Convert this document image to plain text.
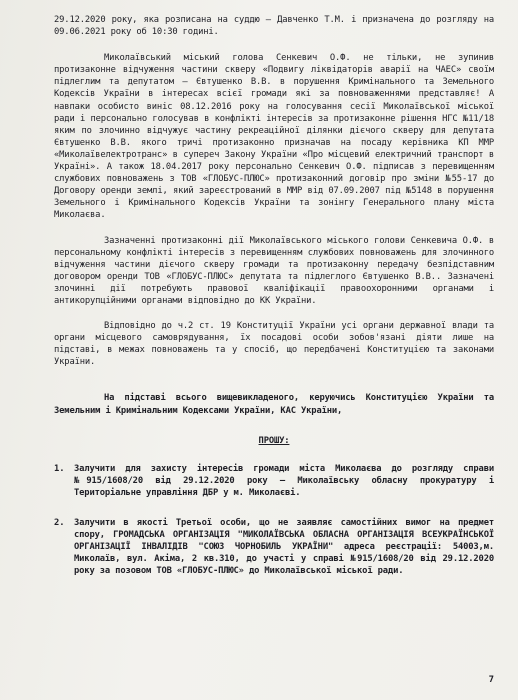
29.12.2020 року, яка розписана на суддю – Давченко Т.М. і призначена до розгляду на 09.06.2021 року об 10:30 годині.

Миколаївський міський голова Сенкевич О.Ф. не тільки, не зупинив протизаконне відчуження частини скверу «Подвигу ліквідаторів аварії на ЧАЕС» своїм підлеглим та депутатом – Євтушенко В.В. в порушення Кримінального та Земельного Кодексів України в інтересах всієї громади які за повноваженнями представляє! А навпаки особисто виніс 08.12.2016 року на голосування сесії Миколаївської міської ради і персонально голосував в конфлікті інтересів за протизаконне рішення НГС №11/18 яким по злочинно відчужує частину рекреаційної ділянки дієчого скверу для депутата Євтушенко В.В. якого тричі протизаконно призначав на посаду керівника КП ММР «Миколаївелектротранс» в супереч Закону України «Про місцевий електричний транспорт в Україні». А також 18.04.2017 року персонально Сенкевич О.Ф. підписав з перевищенням службових повноважень з ТОВ «ГЛОБУС-ПЛЮС» протизаконний договір про зміни №55-17 до Договору оренди землі, який зареєстрований в ММР від 07.09.2007 під №5148 в порушення Земельного і Кримінального Кодексів України та зонінгу Генерального плану міста Миколаєва.

Зазначенні протизаконні дії Миколаївського міського голови Сенкевича О.Ф. в персональному конфлікті інтересів з перевищенням службових повноважень для злочинного відчуження частини дієчого скверу громади та протизаконну передачу безпідставним договором оренди ТОВ «ГЛОБУС-ПЛЮС» депутата та підлеглого Євтушенко В.В.. Зазначені злочинні дії потребують правової кваліфікації правоохоронними органами і антикорупційними органами відповідно до КК України.

Відповідно до ч.2 ст. 19 Конституції України усі органи державної влади та органи місцевого самоврядування, їх посадові особи зобов'язані діяти лише на підставі, в межах повноважень та у спосіб, що передбачені Конституцією та законами України.

На підставі всього вищевикладеного, керуючись Конституцією України та Земельним і Кримінальним Кодексами України, КАС України,

ПРОШУ:

1.	Залучити для захисту інтересів громади міста Миколаєва до розгляду справи №915/1608/20 від 29.12.2020 року – Миколаївську обласну прокуратуру і Територіальне управління ДБР у м. Миколаєві.

2.	Залучити в якості Третьої особи, що не заявляє самостійних вимог на предмет спору, ГРОМАДСЬКА ОРГАНІЗАЦІЯ "МИКОЛАЇВСЬКА ОБЛАСНА ОРГАНІЗАЦІЯ ВСЕУКРАЇНСЬКОЇ ОРГАНІЗАЦІЇ ІНВАЛІДІВ "СОЮЗ ЧОРНОБИЛЬ УКРАЇНИ" адреса реєстрації: 54003,м. Миколаїв, вул. Акіма, 2 кв.310, до участі у справі №915/1608/20 від 29.12.2020 року за позовом ТОВ «ГЛОБУС-ПЛЮС» до Миколаївської міської ради.

7
